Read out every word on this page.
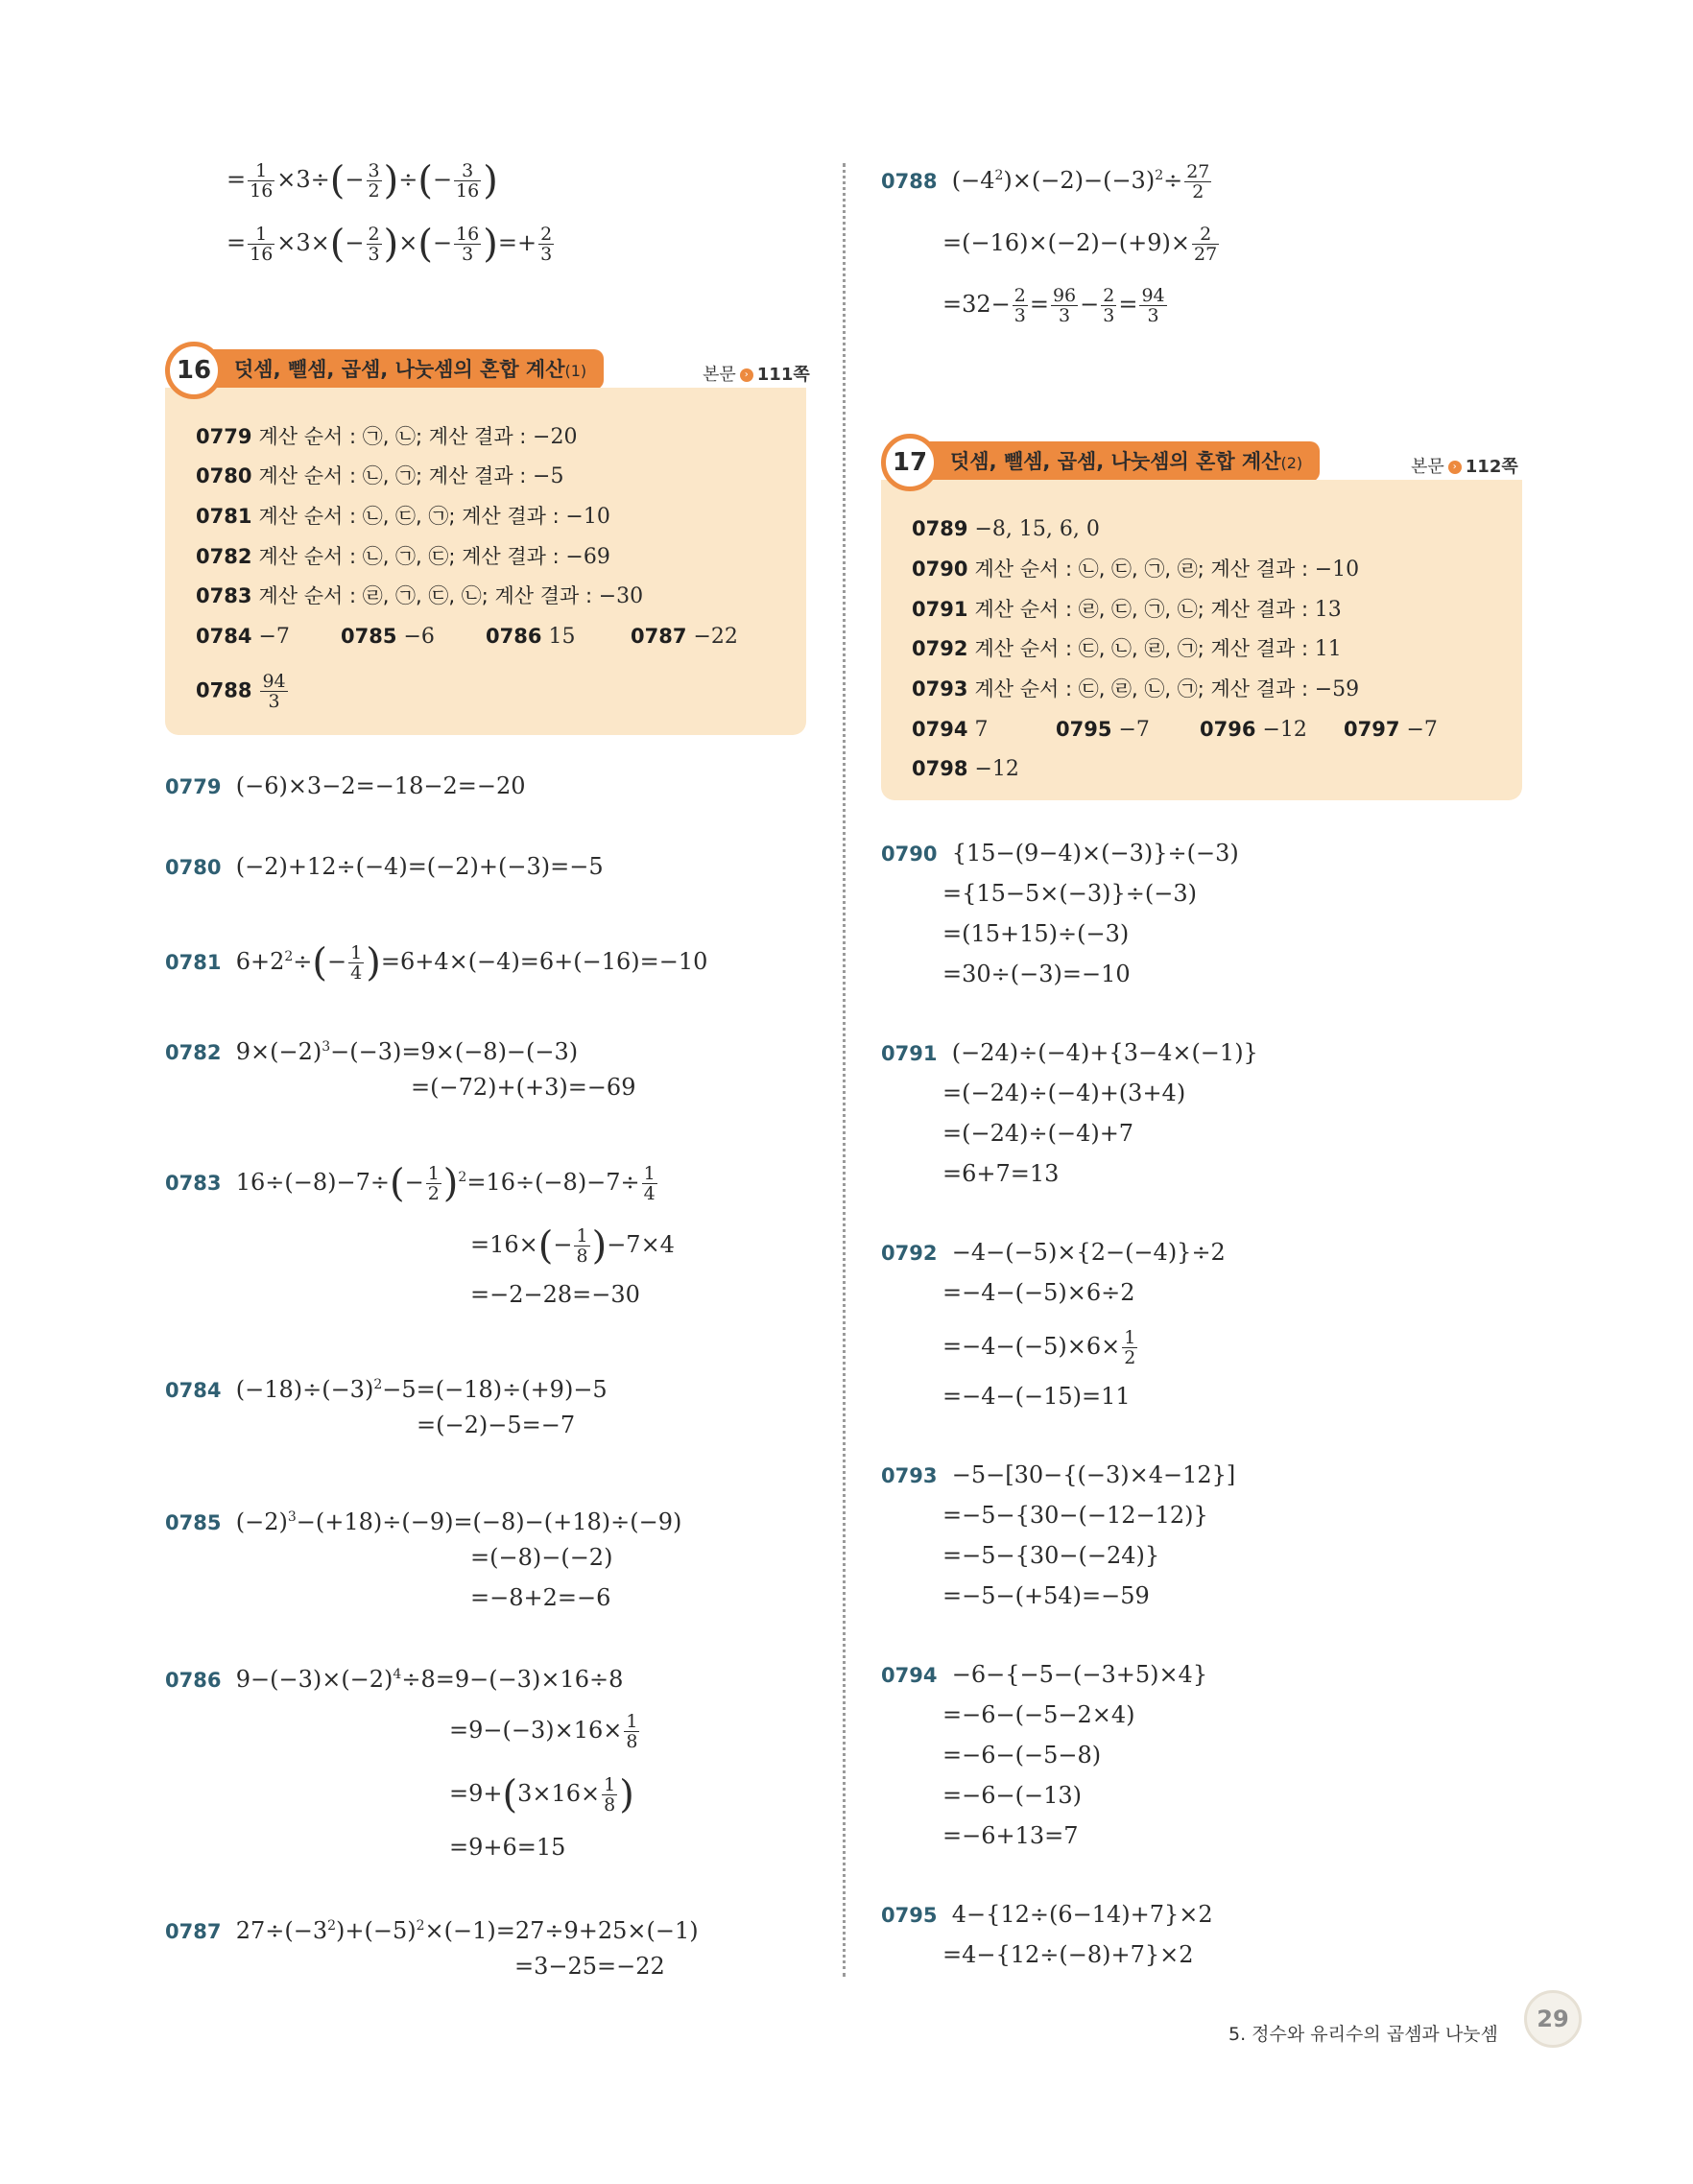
= $\frac{1}{16} \times 3\div(- \frac{3}{2}$ )÷(− $\frac{3}{16}$ )
= $\frac{1}{16} \times 3\times(- \frac{2}{3}$ )×(− $\frac{16}{3}$ )=+ $\frac{2}{3}$
16	덧셈, 뺄셈, 곱셈, 나눗셈의 혼합 계산(1)	본문 › 111쪽
0779 계산 순서 : ㉠, ㉡; 계산 결과 : −20
0780 계산 순서 : ㉡, ㉠; 계산 결과 : −5
0781 계산 순서 : ㉡, ㉢, ㉠; 계산 결과 : −10
0782 계산 순서 : ㉡, ㉠, ㉢; 계산 결과 : −69
0783 계산 순서 : ㉣, ㉠, ㉢, ㉡; 계산 결과 : −30
0784 −7	0785 −6	0786 15	0787 −22
$0788 \frac{94}{3}$
0779 (−6)×3−2=−18−2=−20
0780 (−2)+12÷(−4)=(−2)+(−3)=−5
0781 $6+2^2\div(- \frac{1}{4} )=6+4\times(-4)=6+(-16)=-10$
0782 $9\times(-2)^3-(-3)=9\times(-8)-(-3)$
=(−72)+(+3)=−69
0783 $16\div(-8)-7\div(- \frac{1}{2} )^2=16\div(-8)-7\div \frac{1}{4}$
$=16\times(- \frac{1}{8} )-7\times 4$
=−2−28=−30
0784 $(-18)\div(-3)^2-5=(-18)\div(+9)-5$
=(−2)−5=−7
0785 $(-2)^3-(+18)\div(-9)=(-8)-(+18)\div(-9)$
=(−8)−(−2)
=−8+2=−6
0786 $9-(-3)\times(-2)^4\div 8=9-(-3)\times 16\div 8$
$=9-(-3)\times 16\times \frac{1}{8}$
$=9+(3\times 16\times \frac{1}{8}$ )
=9+6=15
0787 $27\div(-3^2)+(-5)^2\times(-1)=27\div 9+25\times(-1)$
=3−25=−22
0788 $(-4^2)\times(-2)-(-3)^2\div \frac{27}{2}$
$=(-16)\times(-2)-(+9)\times \frac{2}{27}$
$=32- \frac{2}{3} = \frac{96}{3} - \frac{2}{3} = \frac{94}{3}$
17	덧셈, 뺄셈, 곱셈, 나눗셈의 혼합 계산(2)	본문 › 112쪽
0789 −8, 15, 6, 0
0790 계산 순서 : ㉡, ㉢, ㉠, ㉣; 계산 결과 : −10
0791 계산 순서 : ㉣, ㉢, ㉠, ㉡; 계산 결과 : 13
0792 계산 순서 : ㉢, ㉡, ㉣, ㉠; 계산 결과 : 11
0793 계산 순서 : ㉢, ㉣, ㉡, ㉠; 계산 결과 : −59
0794 7	0795 −7 0796 −12 0797 −7
0798 −12
0790 {15−(9−4)×(−3)}÷(−3)
={15−5×(−3)}÷(−3)
=(15+15)÷(−3)
=30÷(−3)=−10
0791 (−24)÷(−4)+{3−4×(−1)}
=(−24)÷(−4)+(3+4)
=(−24)÷(−4)+7
=6+7=13
0792 −4−(−5)×{2−(−4)}÷2
=−4−(−5)×6÷2
$=-4-(-5)\times 6\times \frac{1}{2}$
=−4−(−15)=11
0793 −5−[30−{(−3)×4−12}]
=−5−{30−(−12−12)}
=−5−{30−(−24)}
=−5−(+54)=−59
0794 −6−{−5−(−3+5)×4}
=−6−(−5−2×4)
=−6−(−5−8)
=−6−(−13)
=−6+13=7
0795 4−{12÷(6−14)+7}×2
=4−{12÷(−8)+7}×2
5. 정수와 유리수의 곱셈과 나눗셈
29
